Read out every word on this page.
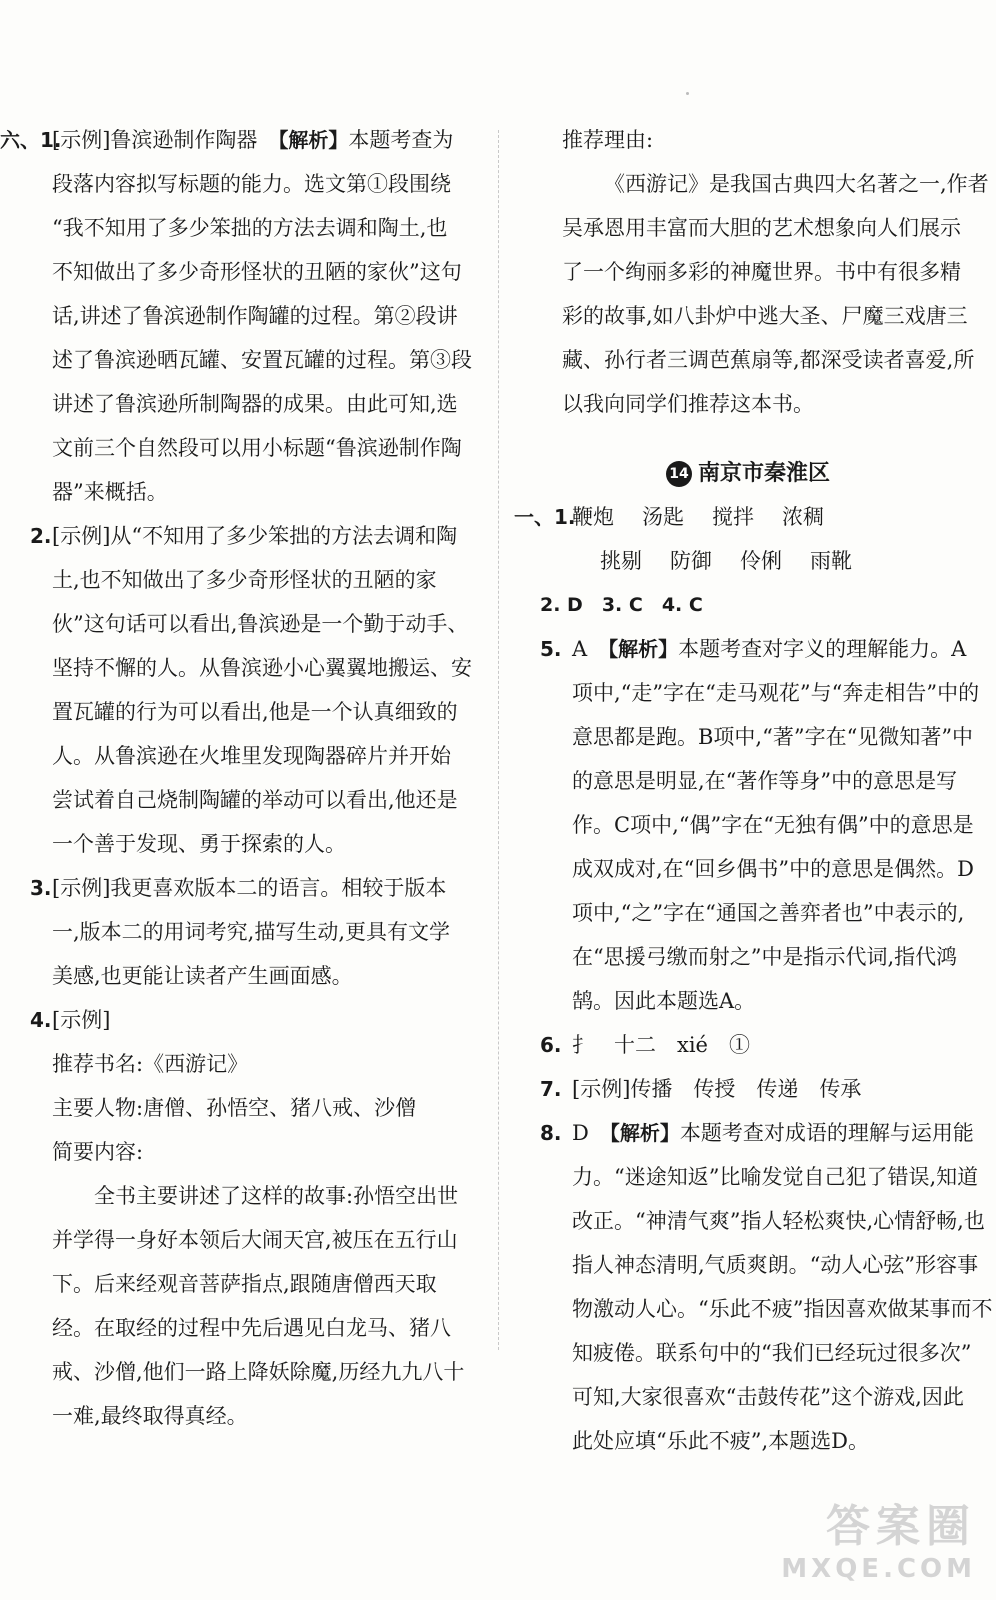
六、1.
[示例]鲁滨逊制作陶器　【解析】本题考查为
段落内容拟写标题的能力。选文第①段围绕
“我不知用了多少笨拙的方法去调和陶土,也
不知做出了多少奇形怪状的丑陋的家伙”这句
话,讲述了鲁滨逊制作陶罐的过程。第②段讲
述了鲁滨逊晒瓦罐、安置瓦罐的过程。第③段
讲述了鲁滨逊所制陶器的成果。由此可知,选
文前三个自然段可以用小标题“鲁滨逊制作陶
器”来概括。
2. [示例]从“不知用了多少笨拙的方法去调和陶
土,也不知做出了多少奇形怪状的丑陋的家
伙”这句话可以看出,鲁滨逊是一个勤于动手、
坚持不懈的人。从鲁滨逊小心翼翼地搬运、安
置瓦罐的行为可以看出,他是一个认真细致的
人。从鲁滨逊在火堆里发现陶器碎片并开始
尝试着自己烧制陶罐的举动可以看出,他还是
一个善于发现、勇于探索的人。
3. [示例]我更喜欢版本二的语言。相较于版本
一,版本二的用词考究,描写生动,更具有文学
美感,也更能让读者产生画面感。
4. [示例]
推荐书名:《西游记》
主要人物:唐僧、孙悟空、猪八戒、沙僧
简要内容:
全书主要讲述了这样的故事:孙悟空出世
并学得一身好本领后大闹天宫,被压在五行山
下。后来经观音菩萨指点,跟随唐僧西天取
经。在取经的过程中先后遇见白龙马、猪八
戒、沙僧,他们一路上降妖除魔,历经九九八十
一难,最终取得真经。
推荐理由:
《西游记》是我国古典四大名著之一,作者
吴承恩用丰富而大胆的艺术想象向人们展示
了一个绚丽多彩的神魔世界。书中有很多精
彩的故事,如八卦炉中逃大圣、尸魔三戏唐三
藏、孙行者三调芭蕉扇等,都深受读者喜爱,所
以我向同学们推荐这本书。
14 南京市秦淮区
一、1.
鞭炮 汤匙 搅拌 浓稠
挑剔 防御 伶俐 雨靴
2. D　3. C　4. C
5. A　 【解析】本题考查对字义的理解能力。A
项中,“走”字在“走马观花”与“奔走相告”中的
意思都是跑。B项中,“著”字在“见微知著”中
的意思是明显,在“著作等身”中的意思是写
作。C项中,“偶”字在“无独有偶”中的意思是
成双成对,在“回乡偶书”中的意思是偶然。D
项中,“之”字在“通国之善弈者也”中表示的,
在“思援弓缴而射之”中是指示代词,指代鸿
鹄。因此本题选A。
6. 扌　十二　xié　①
7. [示例]传播　传授　传递　传承
8. D　 【解析】本题考查对成语的理解与运用能
力。“迷途知返”比喻发觉自己犯了错误,知道
改正。“神清气爽”指人轻松爽快,心情舒畅,也
指人神态清明,气质爽朗。“动人心弦”形容事
物激动人心。“乐此不疲”指因喜欢做某事而不
知疲倦。联系句中的“我们已经玩过很多次”
可知,大家很喜欢“击鼓传花”这个游戏,因此
此处应填“乐此不疲”,本题选D。
答案圈
MXQE.COM
